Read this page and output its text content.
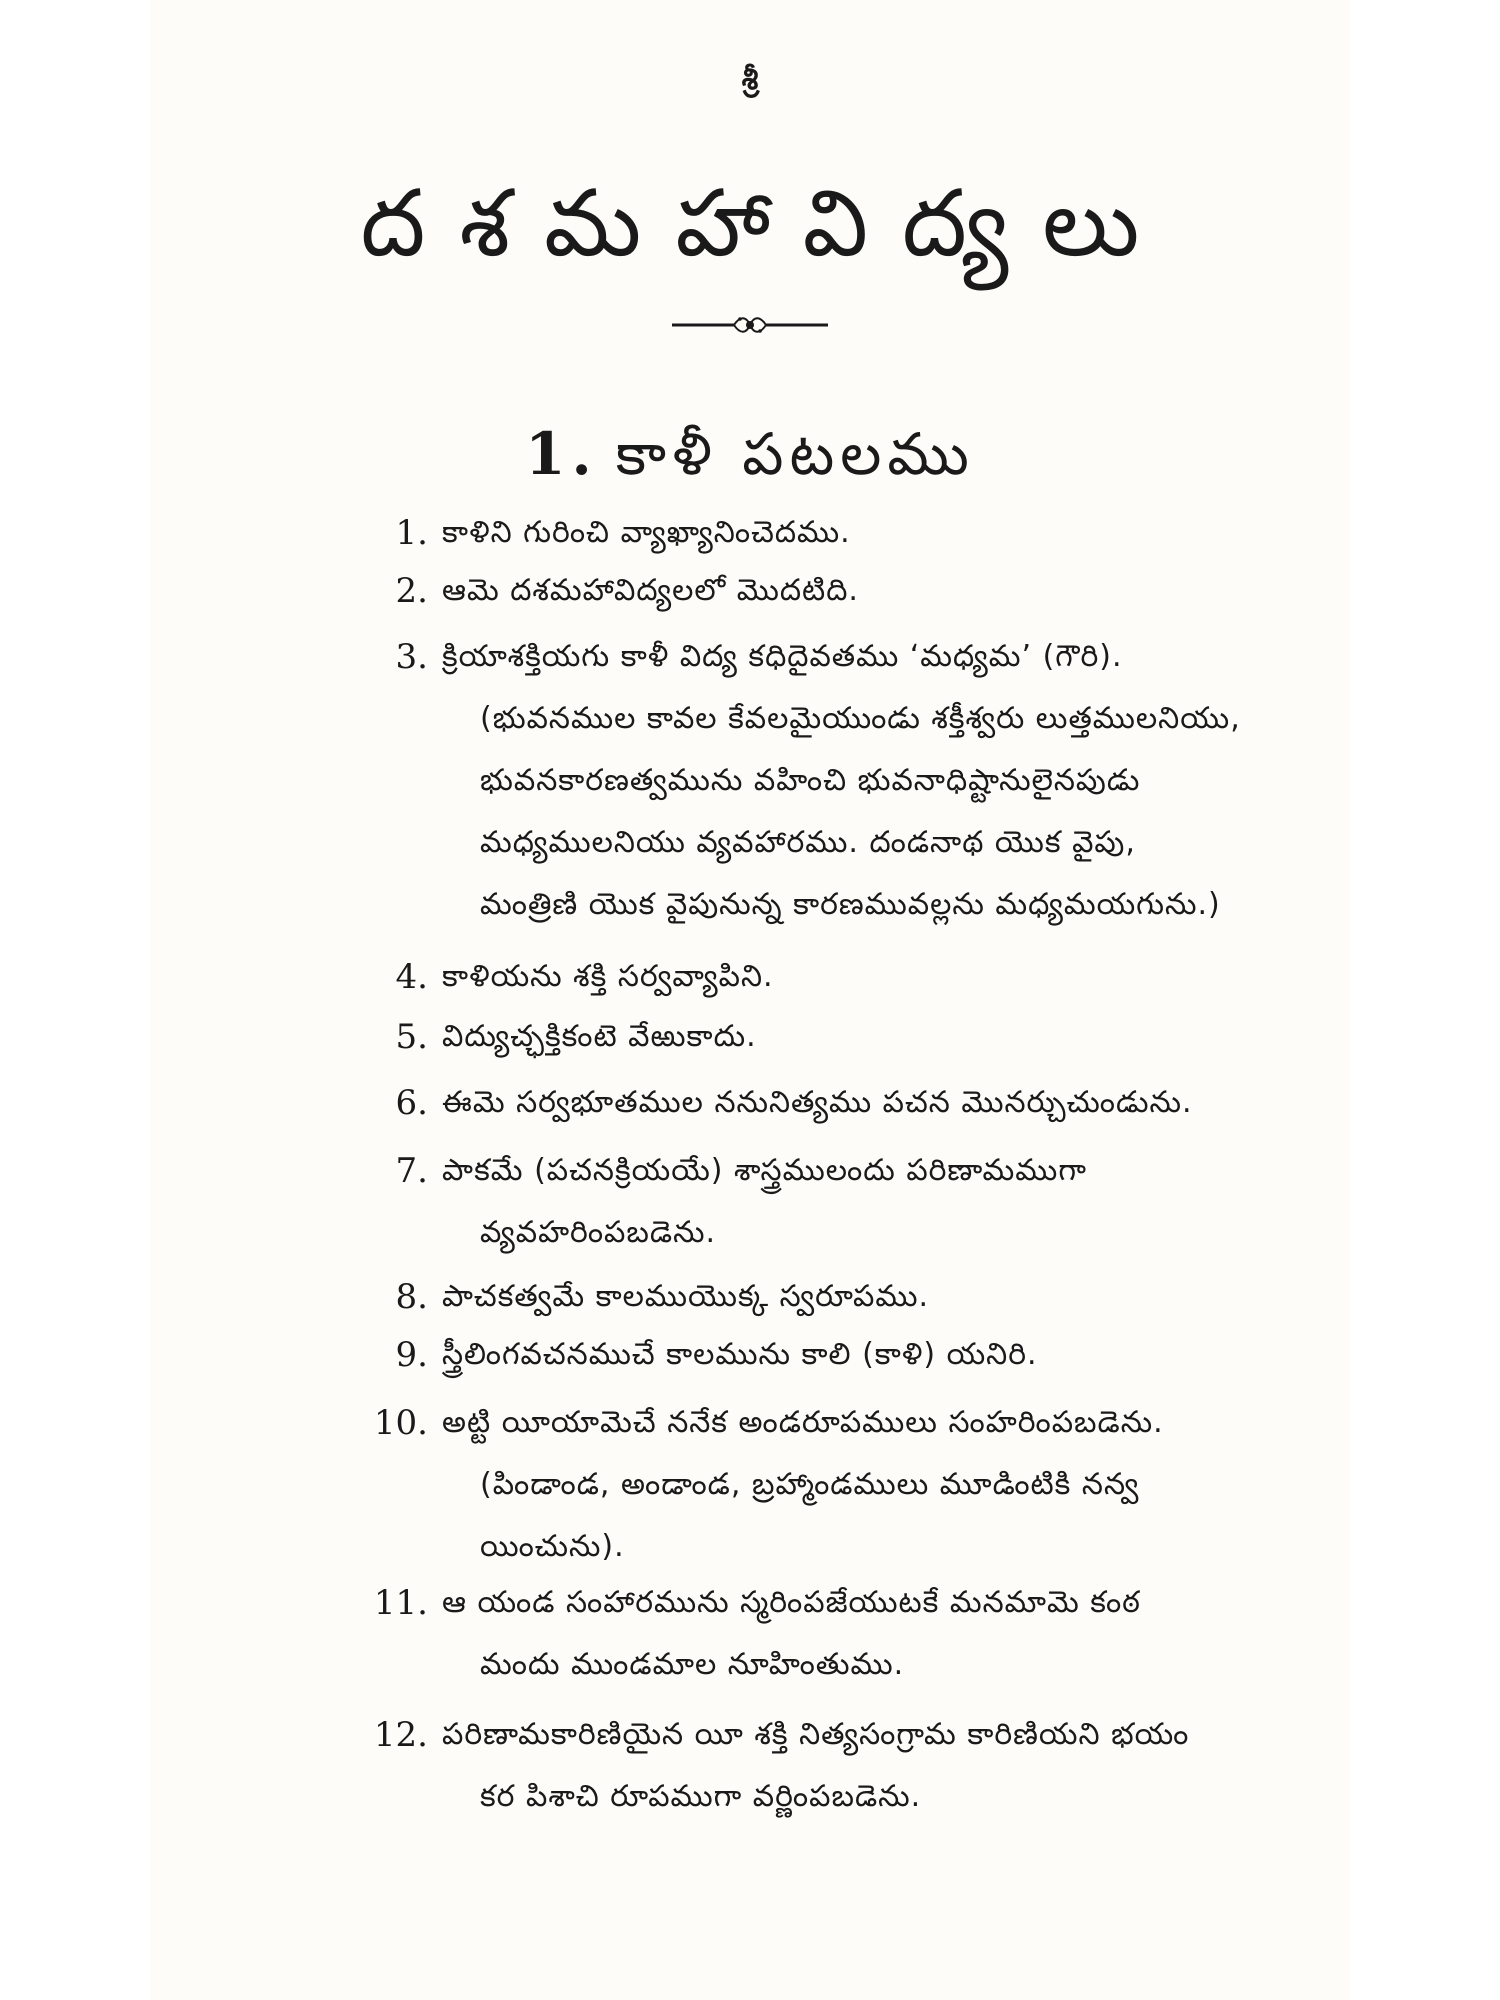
శ్రీ
దశమహావిద్యలు
1. కాళీ పటలము
1. కాళిని గురించి వ్యాఖ్యానించెదము.
2. ఆమె దశమహావిద్యలలో మొదటిది.
3. క్రియాశక్తియగు కాళీ విద్య కధిదైవతము ‘మధ్యమ’ (గౌరి).
(భువనముల కావల కేవలమైయుండు శక్తీశ్వరు లుత్తములనియు,
భువనకారణత్వమును వహించి భువనాధిష్టానులైనపుడు
మధ్యములనియు వ్యవహారము. దండనాథ యొక వైపు,
మంత్రిణి యొక వైపునున్న కారణమువల్లను మధ్యమయగును.)
4. కాళియను శక్తి సర్వవ్యాపిని.
5. విద్యుచ్ఛక్తికంటె వేఱుకాదు.
6. ఈమె సర్వభూతముల ననునిత్యము పచన మొనర్చుచుండును.
7. పాకమే (పచనక్రియయే) శాస్త్రములందు పరిణామముగా
వ్యవహరింపబడెను.
8. పాచకత్వమే కాలముయొక్క స్వరూపము.
9. స్త్రీలింగవచనముచే కాలమును కాలి (కాళి) యనిరి.
10. అట్టి యీయామెచే ననేక అండరూపములు సంహరింపబడెను.
(పిండాండ, అండాండ, బ్రహ్మాండములు మూడింటికి నన్వ
యించును).
11. ఆ యండ సంహారమును స్మరింపజేయుటకే మనమామె కంఠ
మందు ముండమాల నూహింతుము.
12. పరిణామకారిణియైన యీ శక్తి నిత్యసంగ్రామ కారిణియని భయం
కర పిశాచి రూపముగా వర్ణింపబడెను.
